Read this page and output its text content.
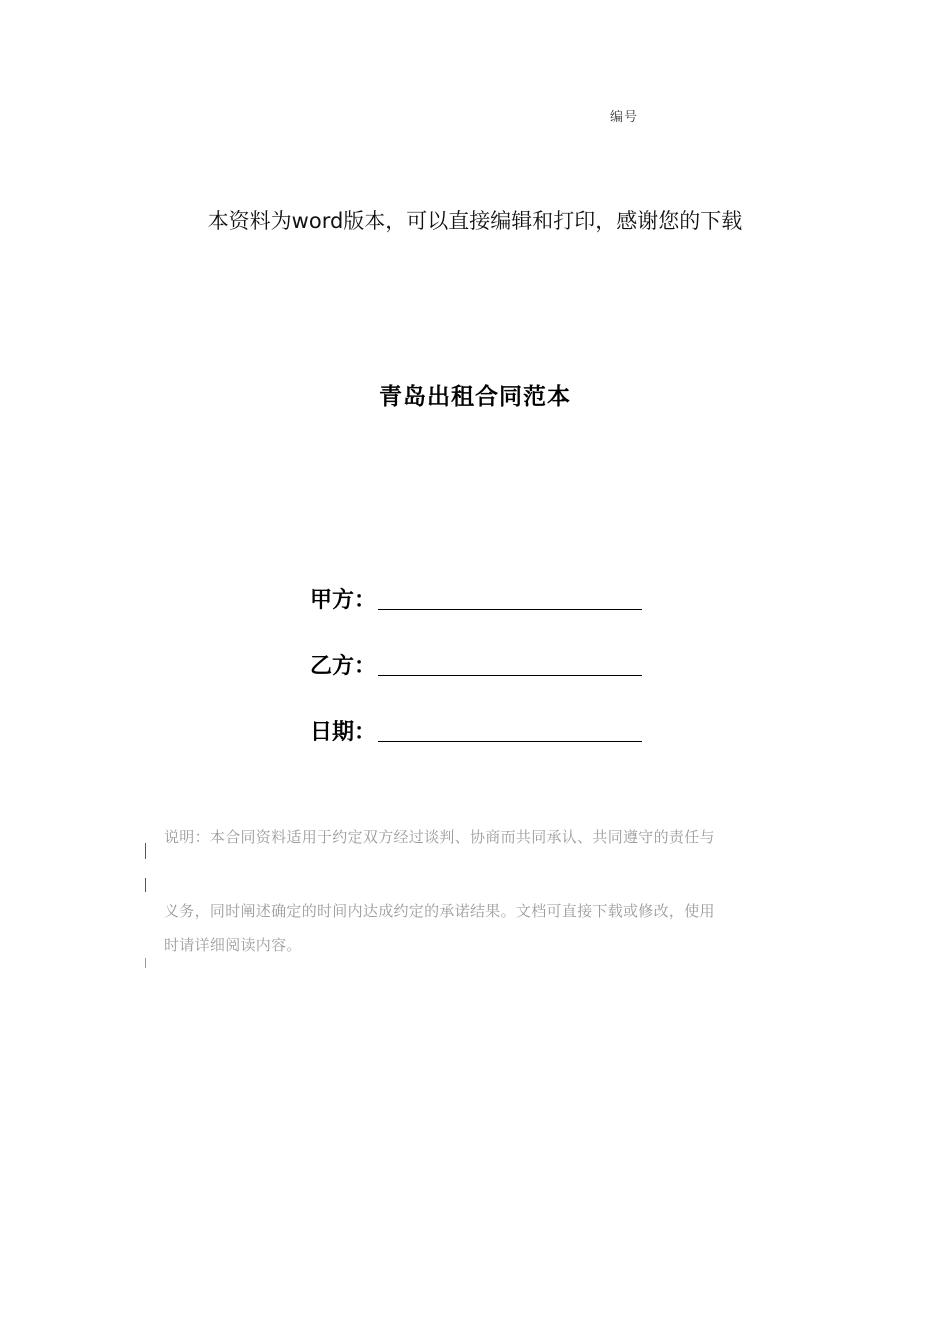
编号
本资料为word版本，可以直接编辑和打印，感谢您的下载
青岛出租合同范本
甲方：
乙方：
日期：
说明：本合同资料适用于约定双方经过谈判、协商而共同承认、共同遵守的责任与
义务，同时阐述确定的时间内达成约定的承诺结果。文档可直接下载或修改，使用
时请详细阅读内容。
